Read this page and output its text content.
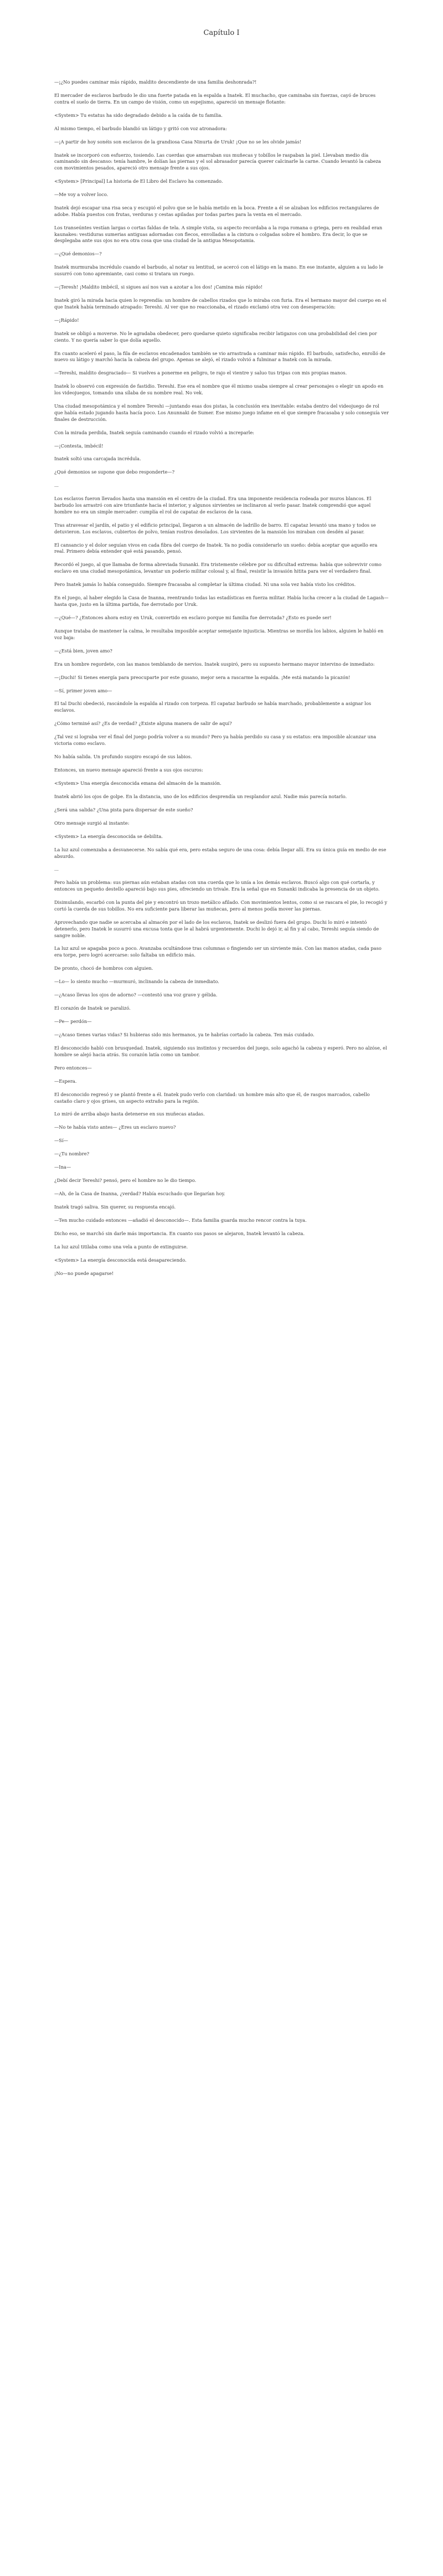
Capítulo I

—¡¿No puedes caminar más rápido, maldito descendiente de una familia deshonrada?!

El mercader de esclavos barbudo le dio una fuerte patada en la espalda a Inatek. El muchacho, que caminaba sin fuerzas, cayó de bruces contra el suelo de tierra. En un campo de visión, como un espejismo, apareció un mensaje flotante:

<System> Tu estatus ha sido degradado debido a la caída de tu familia.

Al mismo tiempo, el barbudo blandió un látigo y gritó con voz atronadora:

—¡A partir de hoy sonéis son esclavos de la grandiosa Casa Ninurta de Uruk! ¡Que no se les olvide jamás!

Inatek se incorporó con esfuerzo, tosiendo. Las cuerdas que amarraban sus muñecas y tobillos le raspaban la piel. Llevaban medio día caminando sin descanso: tenía hambre, le dolían las piernas y el sol abrasador parecía querer calcinarle la carne. Cuando levantó la cabeza con movimientos pesados, apareció otro mensaje frente a sus ojos.

<System> [Principal] La historia de El Libro del Esclavo ha comenzado.

—Me voy a volver loco.

Inatek dejó escapar una risa seca y escupió el polvo que se le había metido en la boca. Frente a él se alzaban los edificios rectangulares de adobe. Había puestos con frutas, verduras y cestas apiladas por todas partes para la venta en el mercado.

Los transeúntes vestían largas o cortas faldas de tela. A simple vista, su aspecto recordaba a la ropa romana o griega, pero en realidad eran kaunakes: vestiduras sumerias antiguas adornadas con flecos, envolladas a la cintura o colgadas sobre el hombro. Era decir, lo que se desplegaba ante sus ojos no era otra cosa que una ciudad de la antigua Mesopotamia.

—¿Qué demonios—?

Inatek murmuraba incrédulo cuando el barbudo, al notar su lentitud, se acercó con el látigo en la mano. En ese instante, alguien a su lado le susurró con tono apremiante, casi como si tratara un ruego.

—¡Teresh! ¡Maldito imbécil, si sigues así nos van a azotar a los dos! ¡Camina más rápido!

Inatek giró la mirada hacia quien lo reprendía: un hombre de cabellos rizados que lo miraba con furia. Era el hermano mayor del cuerpo en el que Inatek había terminado atrapado: Tereshi. Al ver que no reaccionaba, el rizado exclamó otra vez con desesperación:

—¡Rápido!

Inatek se obligó a moverse. No le agradaba obedecer, pero quedarse quieto significaba recibir latigazos con una probabilidad del cien por ciento. Y no quería saber lo que dolía aquello.

En cuanto aceleró el paso, la fila de esclavos encadenados también se vio arrastrada a caminar más rápido. El barbudo, satisfecho, enrolló de nuevo su látigo y marchó hacia la cabeza del grupo. Apenas se alejó, el rizado volvió a fulminar a Inatek con la mirada.

—Tereshi, maldito desgraciado— Si vuelves a ponerme en peligro, te rajo el vientre y saluo tus tripas con mis propias manos.

Inatek lo observó con expresión de fastidio. Tereshi. Ese era el nombre que él mismo usaba siempre al crear personajes o elegir un apodo en los videojuegos, tomando una sílaba de su nombre real. No vek.

Una ciudad mesopotámica y el nombre Tereshi —juntando esas dos pistas, la conclusión era inevitable: estaba dentro del videojuego de rol que había estado jugando hasta hacía poco. Los Anunnaki de Sumer. Ese mismo juego infame en el que siempre fracasaba y solo conseguía ver finales de destrucción.

Con la mirada perdida, Inatek seguía caminando cuando el rizado volvió a increparle:

—¡Contesta, imbécil!

Inatek soltó una carcajada incrédula.

¿Qué demonios se supone que debo responderte—?

...

Los esclavos fueron llevados hasta una mansión en el centro de la ciudad. Era una imponente residencia rodeada por muros blancos. El barbudo los arrastró con aire triunfante hacia el interior, y algunos sirvientes se inclinaron al verlo pasar. Inatek comprendió que aquel hombre no era un simple mercader: cumplía el rol de capataz de esclavos de la casa.

Tras atravesar el jardín, el patio y el edificio principal, llegaron a un almacén de ladrillo de barro. El capataz levantó una mano y todos se detuvieron. Los esclavos, cubiertos de polvo, tenían rostros desolados. Los sirvientes de la mansión los miraban con desdén al pasar.

El cansancio y el dolor seguían vivos en cada fibra del cuerpo de Inatek. Ya no podía considerarlo un sueño: debía aceptar que aquello era real. Primero debía entender qué está pasando, pensó.

Recordó el juego, al que llamaba de forma abreviada Sunanki. Era tristemente célebre por su dificultad extrema: había que sobrevivir como esclavo en una ciudad mesopotámica, levantar un poderío militar colosal y, al final, resistir la invasión hitita para ver el verdadero final.

Pero Inatek jamás lo había conseguido. Siempre fracasaba al completar la última ciudad. Ni una sola vez había visto los créditos.

En el juego, al haber elegido la Casa de Inanna, reentrando todas las estadísticas en fuerza militar. Había lucha crecer a la ciudad de Lagash— hasta que, justo en la última partida, fue derrotado por Uruk.

—¿Qué—? ¿Entonces ahora estoy en Uruk, convertido en esclavo porque mi familia fue derrotada? ¿Esto es puede ser!

Aunque trataba de mantener la calma, le resultaba imposible aceptar semejante injusticia. Mientras se mordía los labios, alguien le habló en voz baja:

—¿Está bien, joven amo?

Era un hombre regordete, con las manos temblando de nervios. Inatek suspiró, pero su supuesto hermano mayor intervino de inmediato:

—¡Duchi! Si tienes energía para preocuparte por este gusano, mejor sera a rascarme la espalda. ¡Me está matando la picazón!

—Sí, primer joven amo—

El tal Duchi obedeció, rascándole la espalda al rizado con torpeza. El capataz barbudo se había marchado, probablemente a asignar los esclavos.

¿Cómo terminé así? ¿Es de verdad? ¿Existe alguna manera de salir de aquí?

¿Tal vez si lograba ver el final del juego podría volver a su mundo? Pero ya había perdido su casa y su estatus: era imposible alcanzar una victoria como esclavo.

No había salida. Un profundo suspiro escapó de sus labios.

Entonces, un nuevo mensaje apareció frente a sus ojos oscuros:

<System> Una energía desconocida emana del almacén de la mansión.

Inatek abrió los ojos de golpe. En la distancia, uno de los edificios desprendía un resplandor azul. Nadie más parecía notarlo.

¿Será una salida? ¿Una pista para dispersar de este sueño?

Otro mensaje surgió al instante:

<System> La energía desconocida se debilita.

La luz azul comenzaba a desvanecerse. No sabía qué era, pero estaba seguro de una cosa: debía llegar allí. Era su única guía en medio de ese absurdo.

...

Pero había un problema: sus piernas aún estaban atadas con una cuerda que lo unía a los demás esclavos. Buscó algo con qué cortarla, y entonces un pequeño destello apareció bajo sus pies, ofreciendo un trivale. Era la señal que en Sunanki indicaba la presencia de un objeto.

Disimulando, escarbó con la punta del pie y encontró un trozo metálico afilado. Con movimientos lentos, como si se rascara el pie, lo recogió y cortó la cuerda de sus tobillos. No era suficiente para liberar las muñecas, pero al menos podía mover las piernas.

Aprovechando que nadie se acercaba al almacén por el lado de los esclavos, Inatek se deslizó fuera del grupo. Duchi lo miró e intentó detenerlo, pero Inatek le susurró una excusa tonta que le al habrá urgentemente. Duchi lo dejó ir, al fin y al cabo, Tereshi seguía siendo de sangre noble.

La luz azul se apagaba poco a poco. Avanzaba ocultándose tras columnas o fingiendo ser un sirviente más. Con las manos atadas, cada paso era torpe, pero logró acercarse: solo faltaba un edificio más.

De pronto, chocó de hombros con alguien.

—Lo— lo siento mucho —murmuró, inclinando la cabeza de inmediato.

—¿Acaso llevas los ojos de adorno? —contestó una voz grave y gélida.

El corazón de Inatek se paralizó.

—Pe— perdón—

—¿Acaso tienes varias vidas? Si hubieras sido mis hermanos, ya te habrías cortado la cabeza. Ten más cuidado.

El desconocido habló con brusquedad. Inatek, siguiendo sus instintos y recuerdos del juego, solo agachó la cabeza y esperó. Pero no alzóse, el hombre se alejó hacia atrás. Su corazón latía como un tambor.

Pero entonces—

—Espera.

El desconocido regresó y se plantó frente a él. Inatek pudo verlo con claridad: un hombre más alto que él, de rasgos marcados, cabello castaño claro y ojos grises, un aspecto extraño para la región.

Lo miró de arriba abajo hasta detenerse en sus muñecas atadas.

—No te había visto antes— ¿Eres un esclavo nuevo?

—Sí—

—¿Tu nombre?

—Ina—

¿Debí decir Tereshi? pensó, pero el hombre no le dio tiempo.

—Ah, de la Casa de Inanna, ¿verdad? Había escuchado que llegarían hoy.

Inatek tragó saliva. Sin querer, su respuesta encajó.

—Ten mucho cuidado entonces —añadió el desconocido—. Esta familia guarda mucho rencor contra la tuya.

Dicho eso, se marchó sin darle más importancia. En cuanto sus pasos se alejaron, Inatek levantó la cabeza.

La luz azul titilaba como una vela a punto de extinguirse.

<System> La energía desconocida está desapareciendo.

¡No—no puede apagarse!
